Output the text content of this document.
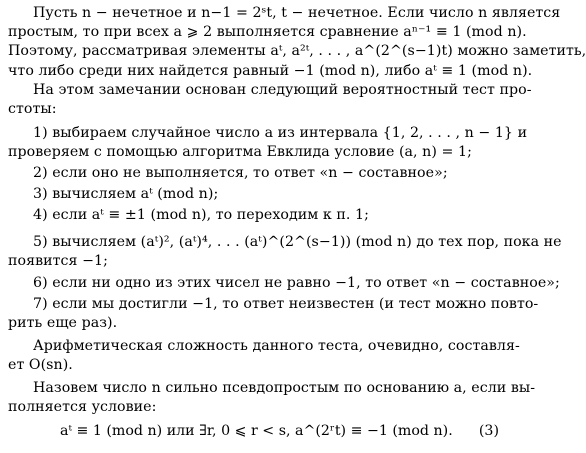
Пусть n − нечетное и n−1 = 2ˢt, t − нечетное. Если число n является
простым, то при всех a ⩾ 2 выполняется сравнение aⁿ⁻¹ ≡ 1 (mod n).
Поэтому, рассматривая элементы aᵗ, a²ᵗ, . . . , a^(2^(s−1)t) можно заметить,
что либо среди них найдется равный −1 (mod n), либо aᵗ ≡ 1 (mod n).
На этом замечании основан следующий вероятностный тест про-
стоты:
1) выбираем случайное число a из интервала {1, 2, . . . , n − 1} и
проверяем с помощью алгоритма Евклида условие (a, n) = 1;
2) если оно не выполняется, то ответ «n − составное»;
3) вычисляем aᵗ (mod n);
4) если aᵗ ≡ ±1 (mod n), то переходим к п. 1;
5) вычисляем (aᵗ)², (aᵗ)⁴, . . . (aᵗ)^(2^(s−1)) (mod n) до тех пор, пока не
появится −1;
6) если ни одно из этих чисел не равно −1, то ответ «n − составное»;
7) если мы достигли −1, то ответ неизвестен (и тест можно повто-
рить еще раз).
Арифметическая сложность данного теста, очевидно, составля-
ет O(sn).
Назовем число n сильно псевдопростым по основанию a, если вы-
полняется условие:
aᵗ ≡ 1 (mod n) или ∃r, 0 ⩽ r < s, a^(2ʳt) ≡ −1 (mod n). (3)
